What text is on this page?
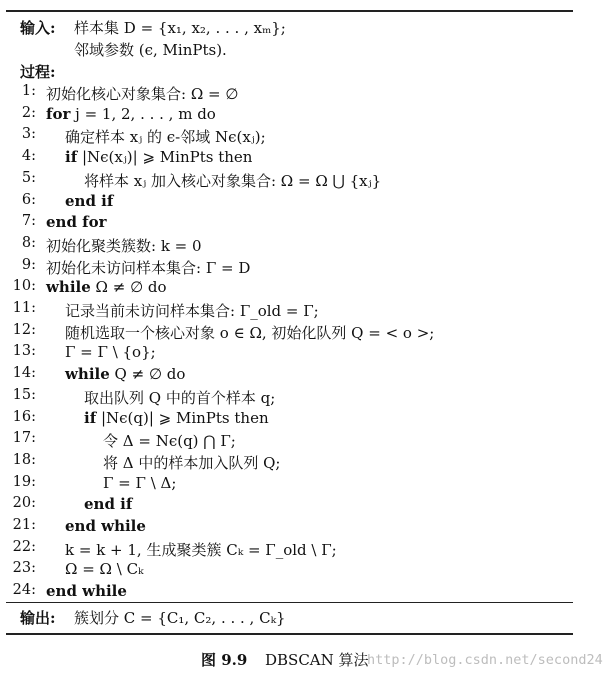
输入: 样本集 D = {x₁, x₂, . . . , xₘ};
邻域参数 (ϵ, MinPts).
过程:
1: 初始化核心对象集合: Ω = ∅
2: for j = 1, 2, . . . , m do
3: 确定样本 xⱼ 的 ϵ-邻域 Nϵ(xⱼ);
4: if |Nϵ(xⱼ)| ⩾ MinPts then
5:	将样本 xⱼ 加入核心对象集合: Ω = Ω ⋃ {xⱼ}
6: end if
7: end for
8: 初始化聚类簇数: k = 0
9: 初始化未访问样本集合: Γ = D
10: while Ω ≠ ∅ do
11: 记录当前未访问样本集合: Γ_old = Γ;
12: 随机选取一个核心对象 o ∈ Ω, 初始化队列 Q = < o >;
13: Γ = Γ \ {o};
14: while Q ≠ ∅ do
15:	取出队列 Q 中的首个样本 q;
16:	if |Nϵ(q)| ⩾ MinPts then
17:	令 Δ = Nϵ(q) ⋂ Γ;
18:	将 Δ 中的样本加入队列 Q;
19:	Γ = Γ \ Δ;
20:	end if
21: end while
22: k = k + 1, 生成聚类簇 Cₖ = Γ_old \ Γ;
23: Ω = Ω \ Cₖ
24: end while
输出: 簇划分 C = {C₁, C₂, . . . , Cₖ}
图 9.9 DBSCAN 算法
http://blog.csdn.net/second24
